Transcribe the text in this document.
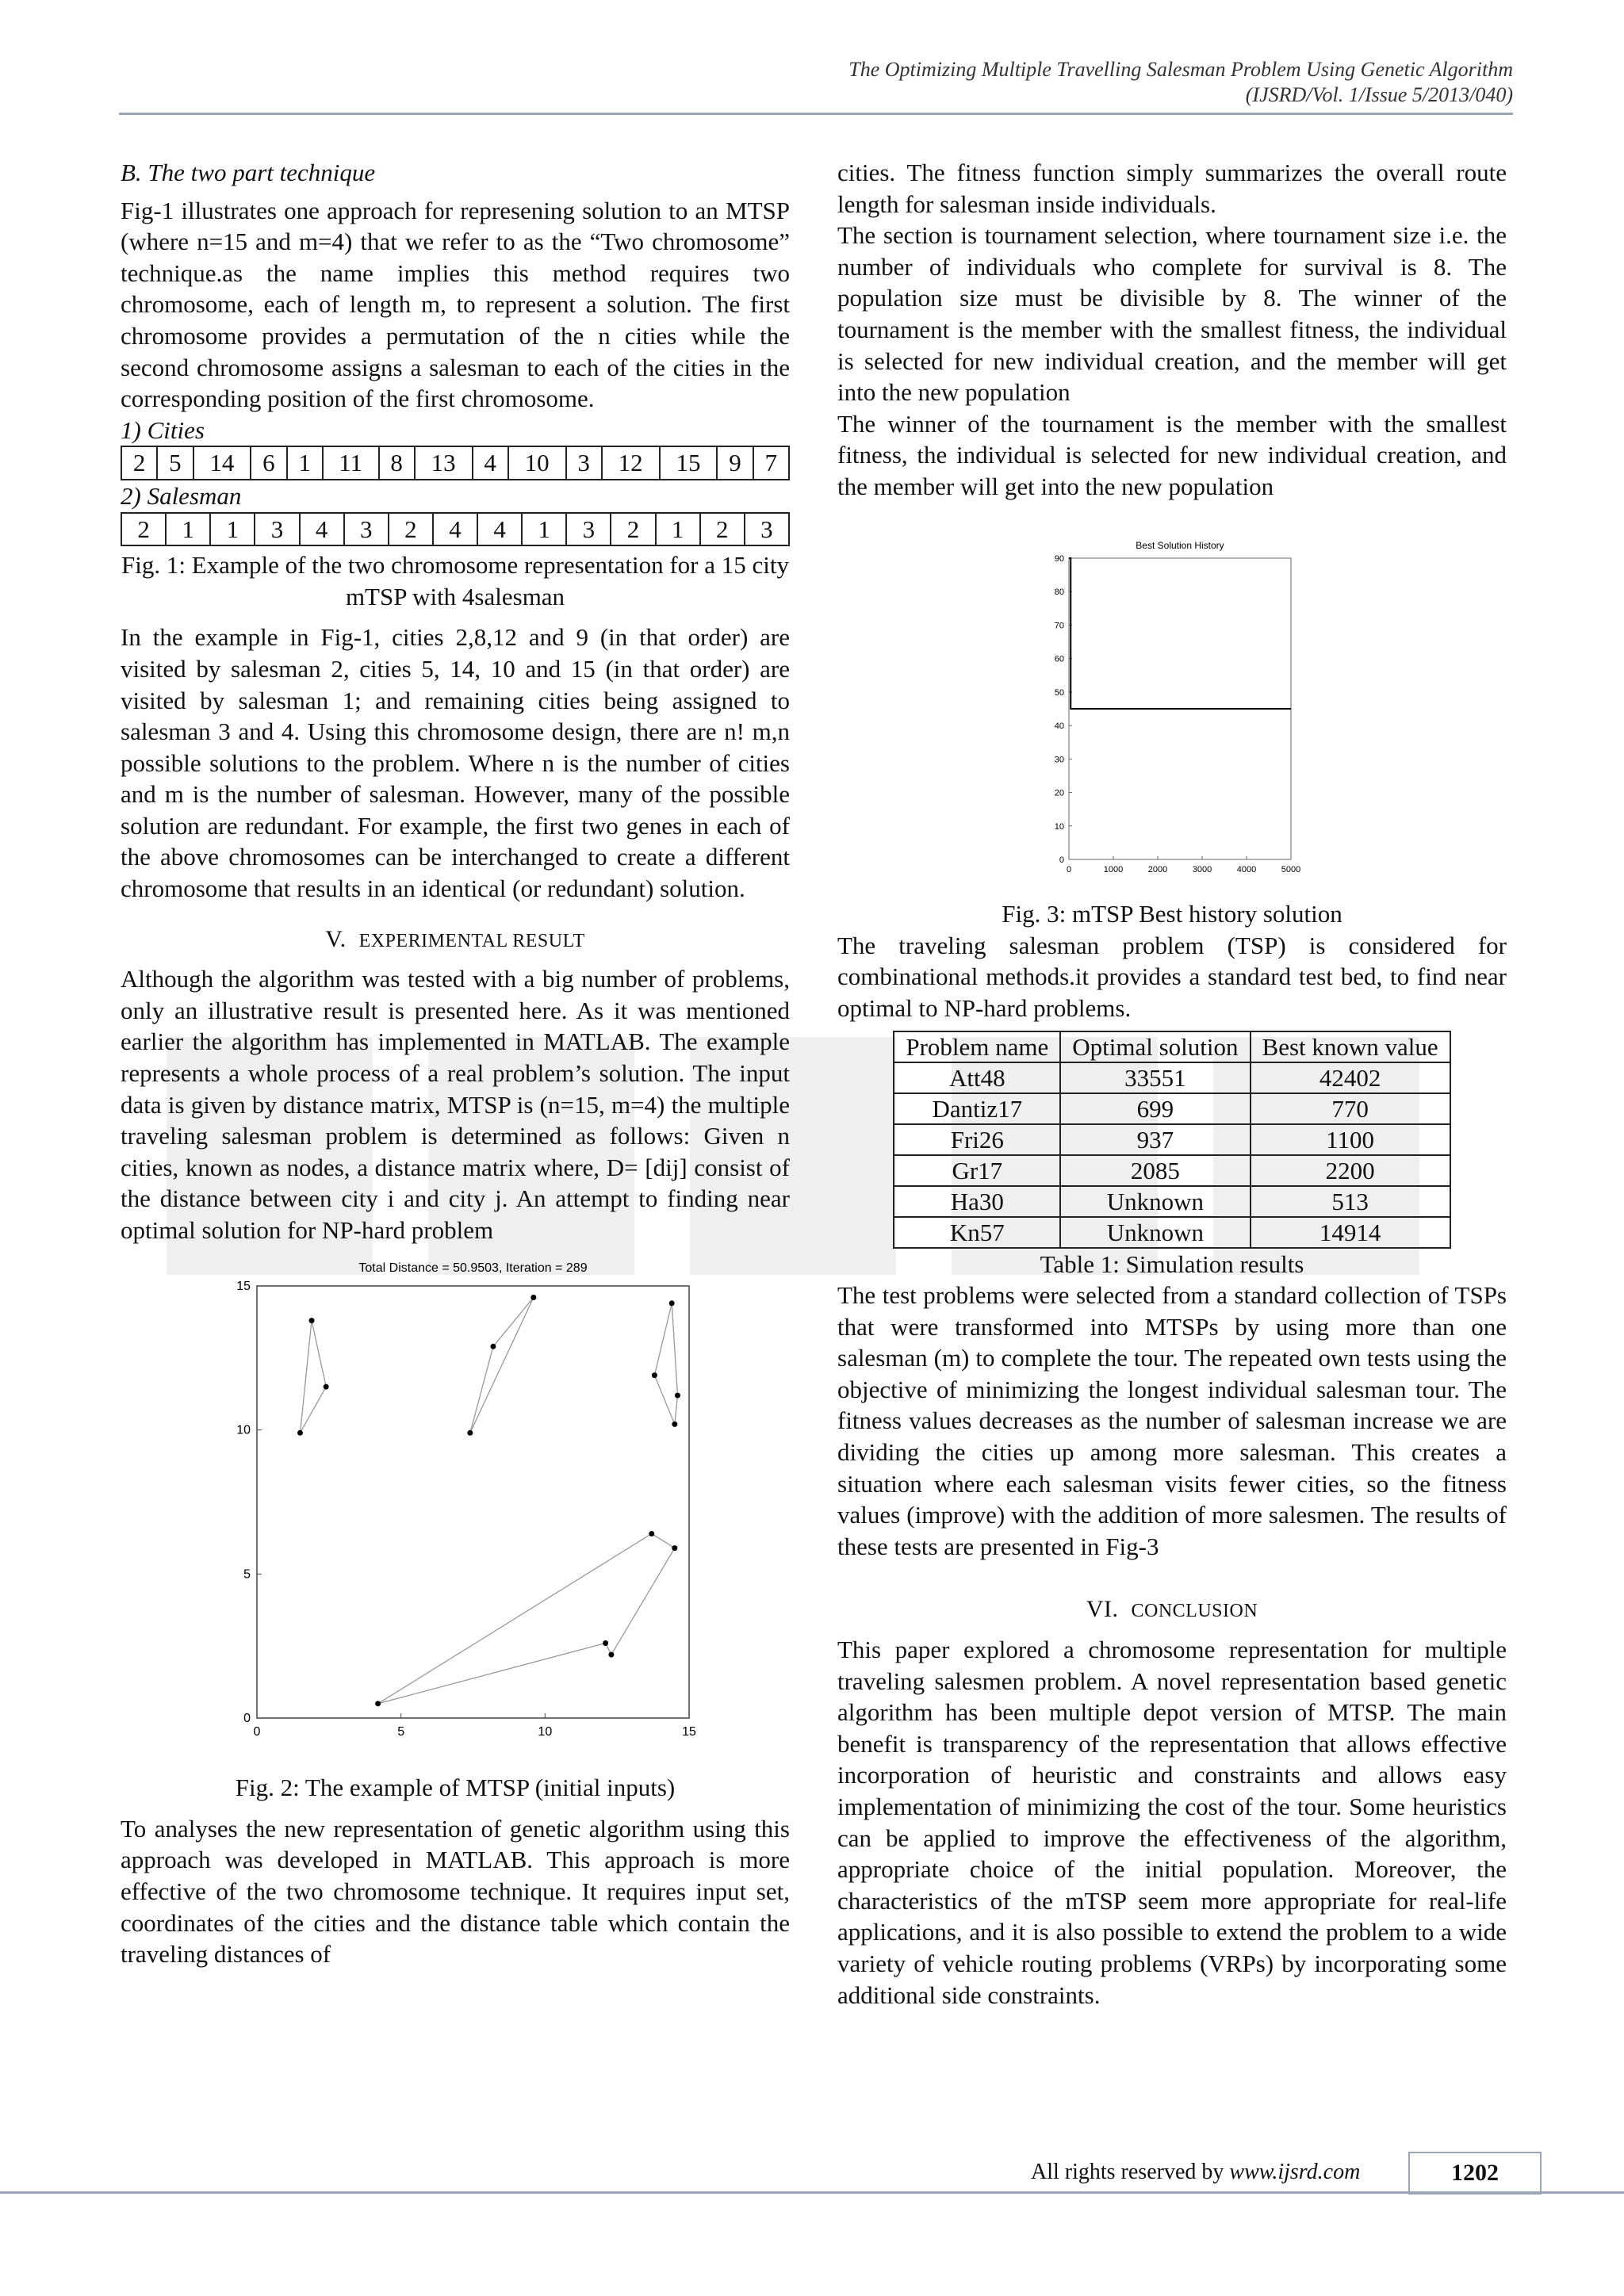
The Optimizing Multiple Travelling Salesman Problem Using Genetic Algorithm
(IJSRD/Vol. 1/Issue 5/2013/040)
B. The two part technique

Fig-1 illustrates one approach for represening solution to an MTSP (where n=15 and m=4) that we refer to as the “Two chromosome” technique.as the name implies this method requires two chromosome, each of length m, to represent a solution. The first chromosome provides a permutation of the n cities while the second chromosome assigns a salesman to each of the cities in the corresponding position of the first chromosome.

1) Cities
2	5	14	6	1	11	8	13	4	10	3	12	15	9	7
2) Salesman
2	1	1	3	4	3	2	4	4	1	3	2	1	2	3
Fig. 1: Example of the two chromosome representation for a 15 city mTSP with 4salesman

In the example in Fig-1, cities 2,8,12 and 9 (in that order) are visited by salesman 2, cities 5, 14, 10 and 15 (in that order) are visited by salesman 1; and remaining cities being assigned to salesman 3 and 4. Using this chromosome design, there are n! m,n possible solutions to the problem. Where n is the number of cities and m is the number of salesman. However, many of the possible solution are redundant. For example, the first two genes in each of the above chromosomes can be interchanged to create a different chromosome that results in an identical (or redundant) solution.

V. EXPERIMENTAL RESULT

Although the algorithm was tested with a big number of problems, only an illustrative result is presented here. As it was mentioned earlier the algorithm has implemented in MATLAB. The example represents a whole process of a real problem’s solution. The input data is given by distance matrix, MTSP is (n=15, m=4) the multiple traveling salesman problem is determined as follows: Given n cities, known as nodes, a distance matrix where, D= [dij] consist of the distance between city i and city j. An attempt to finding near optimal solution for NP-hard problem

Total Distance = 50.9503, Iteration = 289
0	5	10	15
0
5
10
15
Fig. 2: The example of MTSP (initial inputs)

To analyses the new representation of genetic algorithm using this approach was developed in MATLAB. This approach is more effective of the two chromosome technique. It requires input set, coordinates of the cities and the distance table which contain the traveling distances of

cities. The fitness function simply summarizes the overall route length for salesman inside individuals.

The section is tournament selection, where tournament size i.e. the number of individuals who complete for survival is 8. The population size must be divisible by 8. The winner of the tournament is the member with the smallest fitness, the individual is selected for new individual creation, and the member will get into the new population

The winner of the tournament is the member with the smallest fitness, the individual is selected for new individual creation, and the member will get into the new population

Best Solution History
0	1000	2000	3000	4000	5000
0
10
20
30
40
50
60
70
80
90
Fig. 3: mTSP Best history solution

The traveling salesman problem (TSP) is considered for combinational methods.it provides a standard test bed, to find near optimal to NP-hard problems.

Problem name	Optimal solution	Best known value
Att48	33551	42402
Dantiz17	699	770
Fri26	937	1100
Gr17	2085	2200
Ha30	Unknown	513
Kn57	Unknown	14914
Table 1: Simulation results

The test problems were selected from a standard collection of TSPs that were transformed into MTSPs by using more than one salesman (m) to complete the tour. The repeated own tests using the objective of minimizing the longest individual salesman tour. The fitness values decreases as the number of salesman increase we are dividing the cities up among more salesman. This creates a situation where each salesman visits fewer cities, so the fitness values (improve) with the addition of more salesmen. The results of these tests are presented in Fig-3

VI. CONCLUSION

This paper explored a chromosome representation for multiple traveling salesmen problem. A novel representation based genetic algorithm has been multiple depot version of MTSP. The main benefit is transparency of the representation that allows effective incorporation of heuristic and constraints and allows easy implementation of minimizing the cost of the tour. Some heuristics can be applied to improve the effectiveness of the algorithm, appropriate choice of the initial population. Moreover, the characteristics of the mTSP seem more appropriate for real-life applications, and it is also possible to extend the problem to a wide variety of vehicle routing problems (VRPs) by incorporating some additional side constraints.

All rights reserved by www.ijsrd.com	1202
